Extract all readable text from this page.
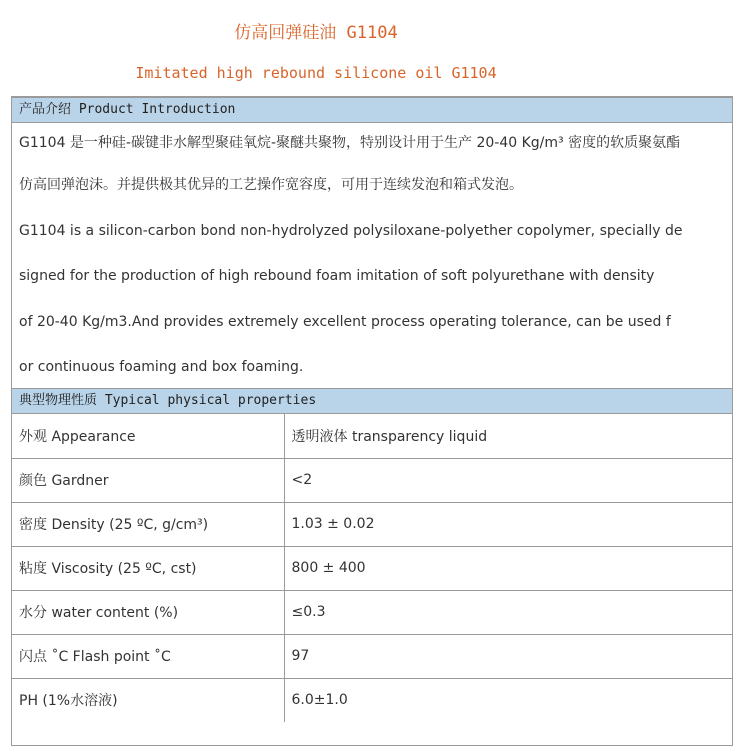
仿高回弹硅油 G1104
Imitated high rebound silicone oil G1104
产品介绍 Product Introduction

G1104 是一种硅-碳键非水解型聚硅氧烷-聚醚共聚物，特别设计用于生产 20-40 Kg/m³ 密度的软质聚氨酯

仿高回弹泡沫。并提供极其优异的工艺操作宽容度，可用于连续发泡和箱式发泡。

G1104 is a silicon-carbon bond non-hydrolyzed polysiloxane-polyether copolymer, specially de

signed for the production of high rebound foam imitation of soft polyurethane with density

of 20-40 Kg/m3.And provides extremely excellent process operating tolerance, can be used f

or continuous foaming and box foaming.

典型物理性质 Typical physical properties
外观 Appearance	透明液体 transparency liquid
颜色 Gardner	<2
密度 Density (25 ºC, g/cm³)	1.03 ± 0.02
粘度 Viscosity (25 ºC, cst)	800 ± 400
水分 water content (%)	≤0.3
闪点 ˚C Flash point ˚C	97
PH (1%水溶液)	6.0±1.0
